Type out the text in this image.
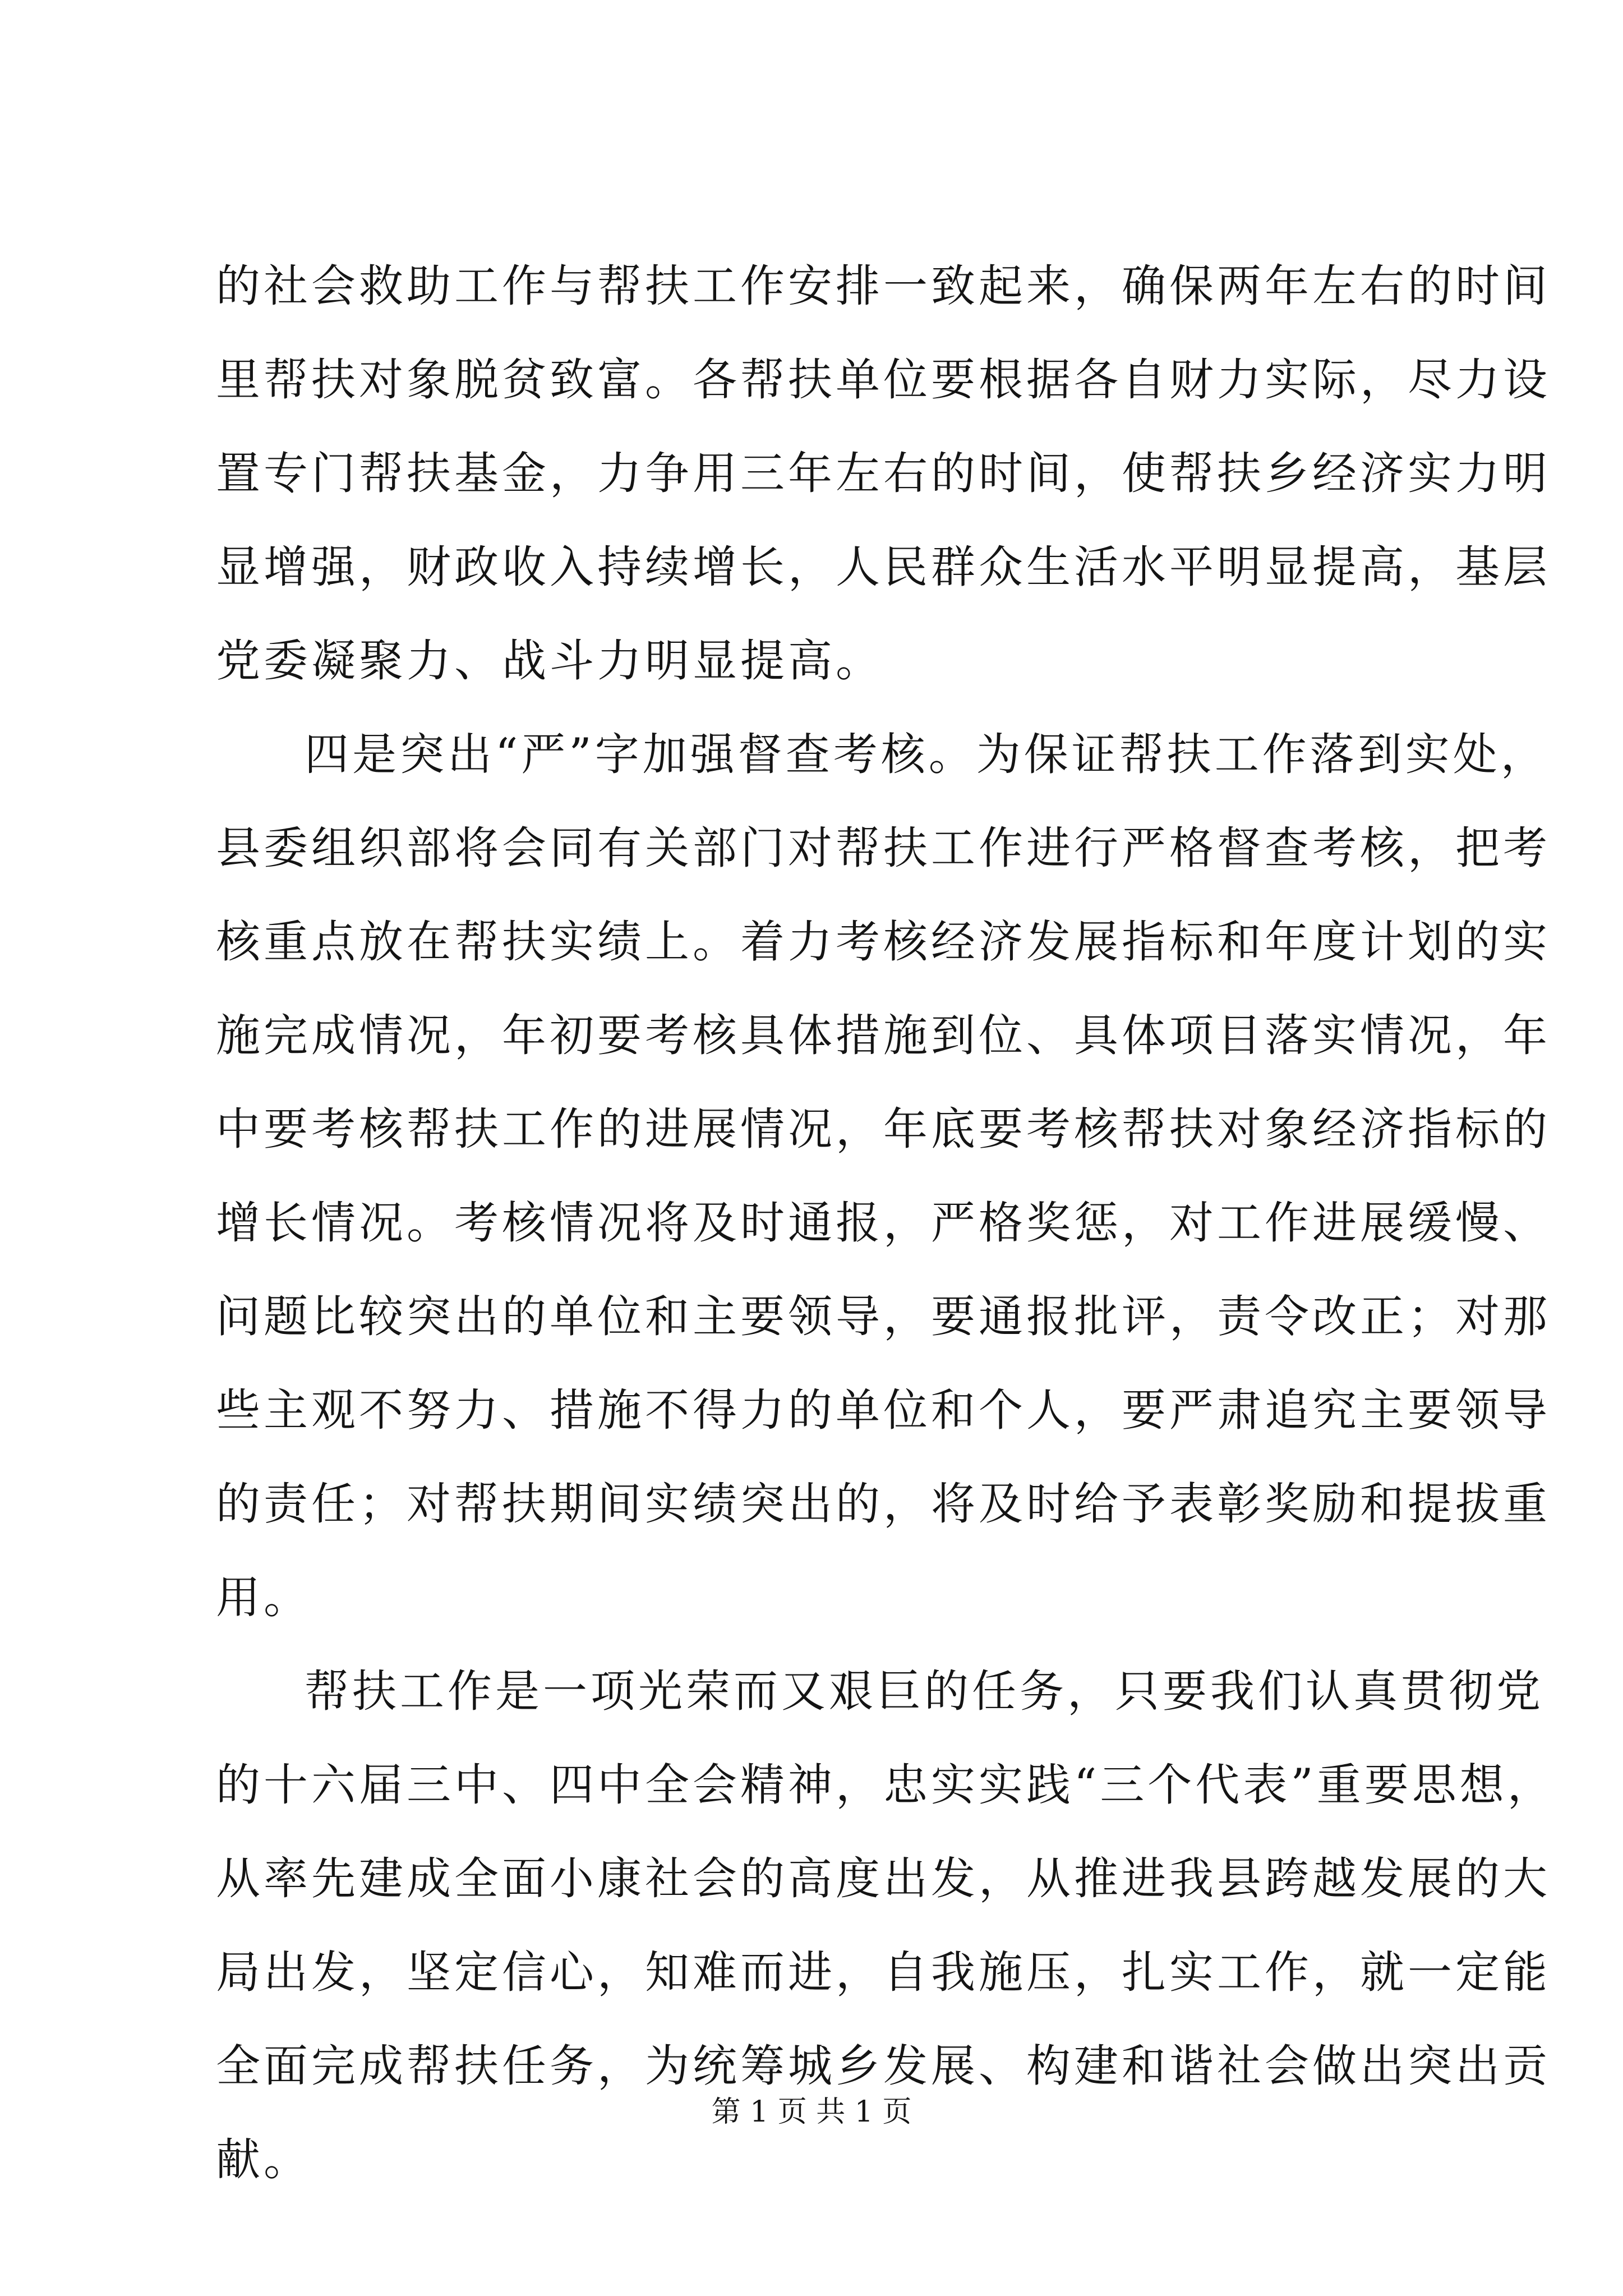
的社会救助工作与帮扶工作安排一致起来，确保两年左右的时间
里帮扶对象脱贫致富。各帮扶单位要根据各自财力实际，尽力设
置专门帮扶基金，力争用三年左右的时间，使帮扶乡经济实力明
显增强，财政收入持续增长，人民群众生活水平明显提高，基层
党委凝聚力、战斗力明显提高。
四是突出“严”字加强督查考核。为保证帮扶工作落到实处，
县委组织部将会同有关部门对帮扶工作进行严格督查考核，把考
核重点放在帮扶实绩上。着力考核经济发展指标和年度计划的实
施完成情况，年初要考核具体措施到位、具体项目落实情况，年
中要考核帮扶工作的进展情况，年底要考核帮扶对象经济指标的
增长情况。考核情况将及时通报，严格奖惩，对工作进展缓慢、
问题比较突出的单位和主要领导，要通报批评，责令改正；对那
些主观不努力、措施不得力的单位和个人，要严肃追究主要领导
的责任；对帮扶期间实绩突出的，将及时给予表彰奖励和提拔重
用。
帮扶工作是一项光荣而又艰巨的任务，只要我们认真贯彻党
的十六届三中、四中全会精神，忠实实践“三个代表”重要思想，
从率先建成全面小康社会的高度出发，从推进我县跨越发展的大
局出发，坚定信心，知难而进，自我施压，扎实工作，就一定能
全面完成帮扶任务，为统筹城乡发展、构建和谐社会做出突出贡
献。
第 1 页 共 1 页
